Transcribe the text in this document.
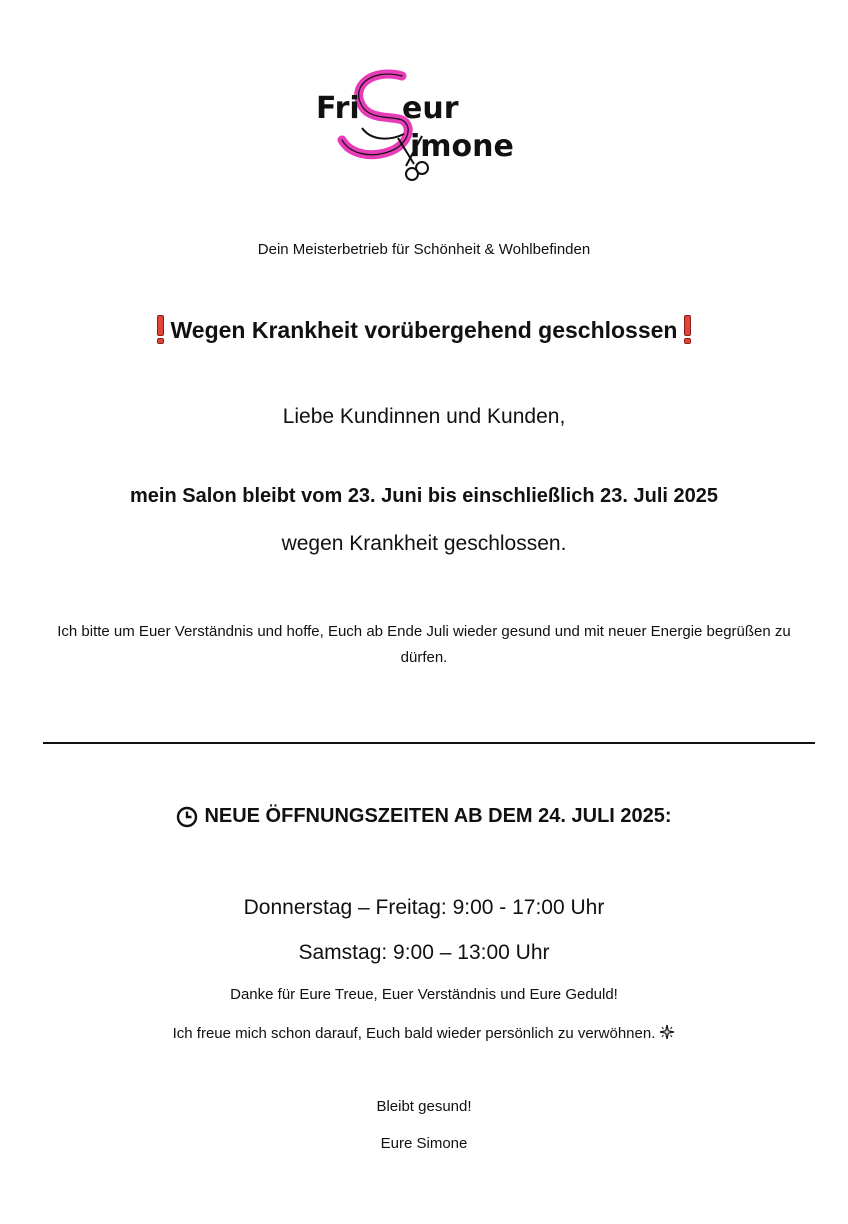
Fri eur
imone
Dein Meisterbetrieb für Schönheit & Wohlbefinden
Wegen Krankheit vorübergehend geschlossen
Liebe Kundinnen und Kunden,
mein Salon bleibt vom 23. Juni bis einschließlich 23. Juli 2025
wegen Krankheit geschlossen.
Ich bitte um Euer Verständnis und hoffe, Euch ab Ende Juli wieder gesund und mit neuer Energie begrüßen zu dürfen.
NEUE ÖFFNUNGSZEITEN AB DEM 24. JULI 2025:
Donnerstag – Freitag: 9:00 - 17:00 Uhr
Samstag: 9:00 – 13:00 Uhr
Danke für Eure Treue, Euer Verständnis und Eure Geduld!
Ich freue mich schon darauf, Euch bald wieder persönlich zu verwöhnen.
Bleibt gesund!
Eure Simone
